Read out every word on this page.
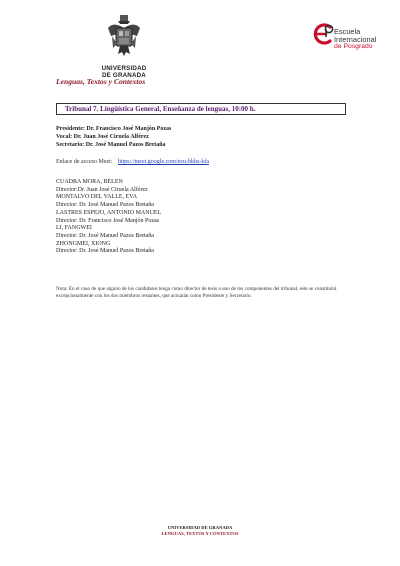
UNIVERSIDAD
DE GRANADA
Lenguas, Textos y Contextos
Escuela
Internacional
de Posgrado
Tribunal 7. Lingüística General, Enseñanza de lenguas, 10:00 h.
Presidente: Dr. Francisco José Manjón Pozas
Vocal: Dr. Juan José Ciruela Alférez
Secretario: Dr. José Manuel Pazos Bretaña
Enlace de acceso Meet: https://meet.google.com/ezu-bkhs-kfa
CUADRA MORA, BELEN
Director:Dr. Juan José Ciruela Alférez
MONTALVO DEL VALLE, EVA
Director: Dr. José Manuel Pazos Bretaña
LASTRES ESPEJO, ANTONIO MANUEL
Director: Dr. Francisco José Manjón Pozas
LI, FANGWEI
Director: Dr. José Manuel Pazos Bretaña
ZHONGMEI, XIONG
Director: Dr. José Manuel Pazos Bretaña
Nota: En el caso de que alguno de los candidatos tenga como director de tesis a uno de los componentes del tribunal, este se constituirá excepcionalmente con los dos miembros restantes, que actuarán como Presidente y Secretario.
UNIVERSIDAD DE GRANADA
LENGUAS, TEXTOS Y CONTEXTOS
